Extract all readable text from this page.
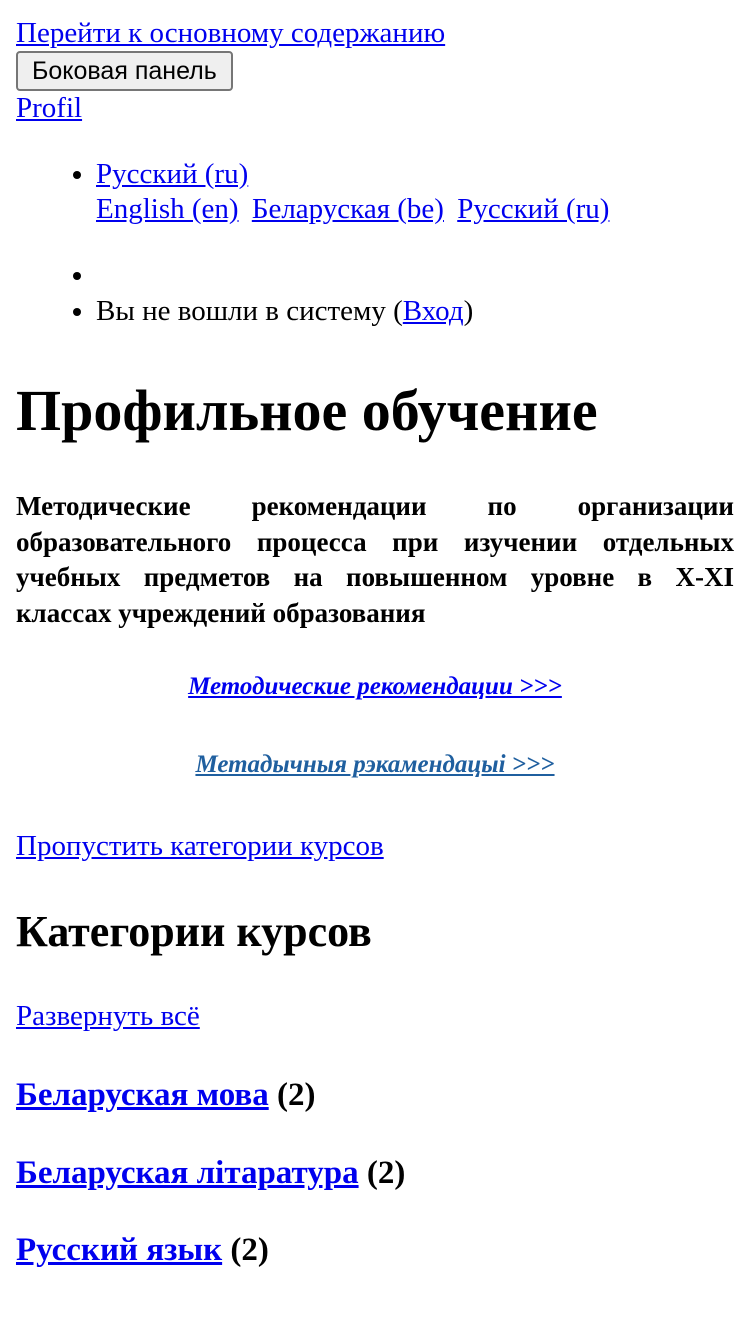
Перейти к основному содержанию
Боковая панель
Profil
• Русский (ru)
English (en) Беларуская (be) Русский (ru)
•
• Вы не вошли в систему (Вход)
Профильное обучение
Методические рекомендации по организации образовательного процесса при изучении отдельных учебных предметов на повышенном уровне в X-XI классах учреждений образования

Методические рекомендации >>>

Метадычныя рэкамендацыі >>>

Пропустить категории курсов
Категории курсов
Развернуть всё
Беларуская мова (2)
Беларуская літаратура (2)
Русский язык (2)
